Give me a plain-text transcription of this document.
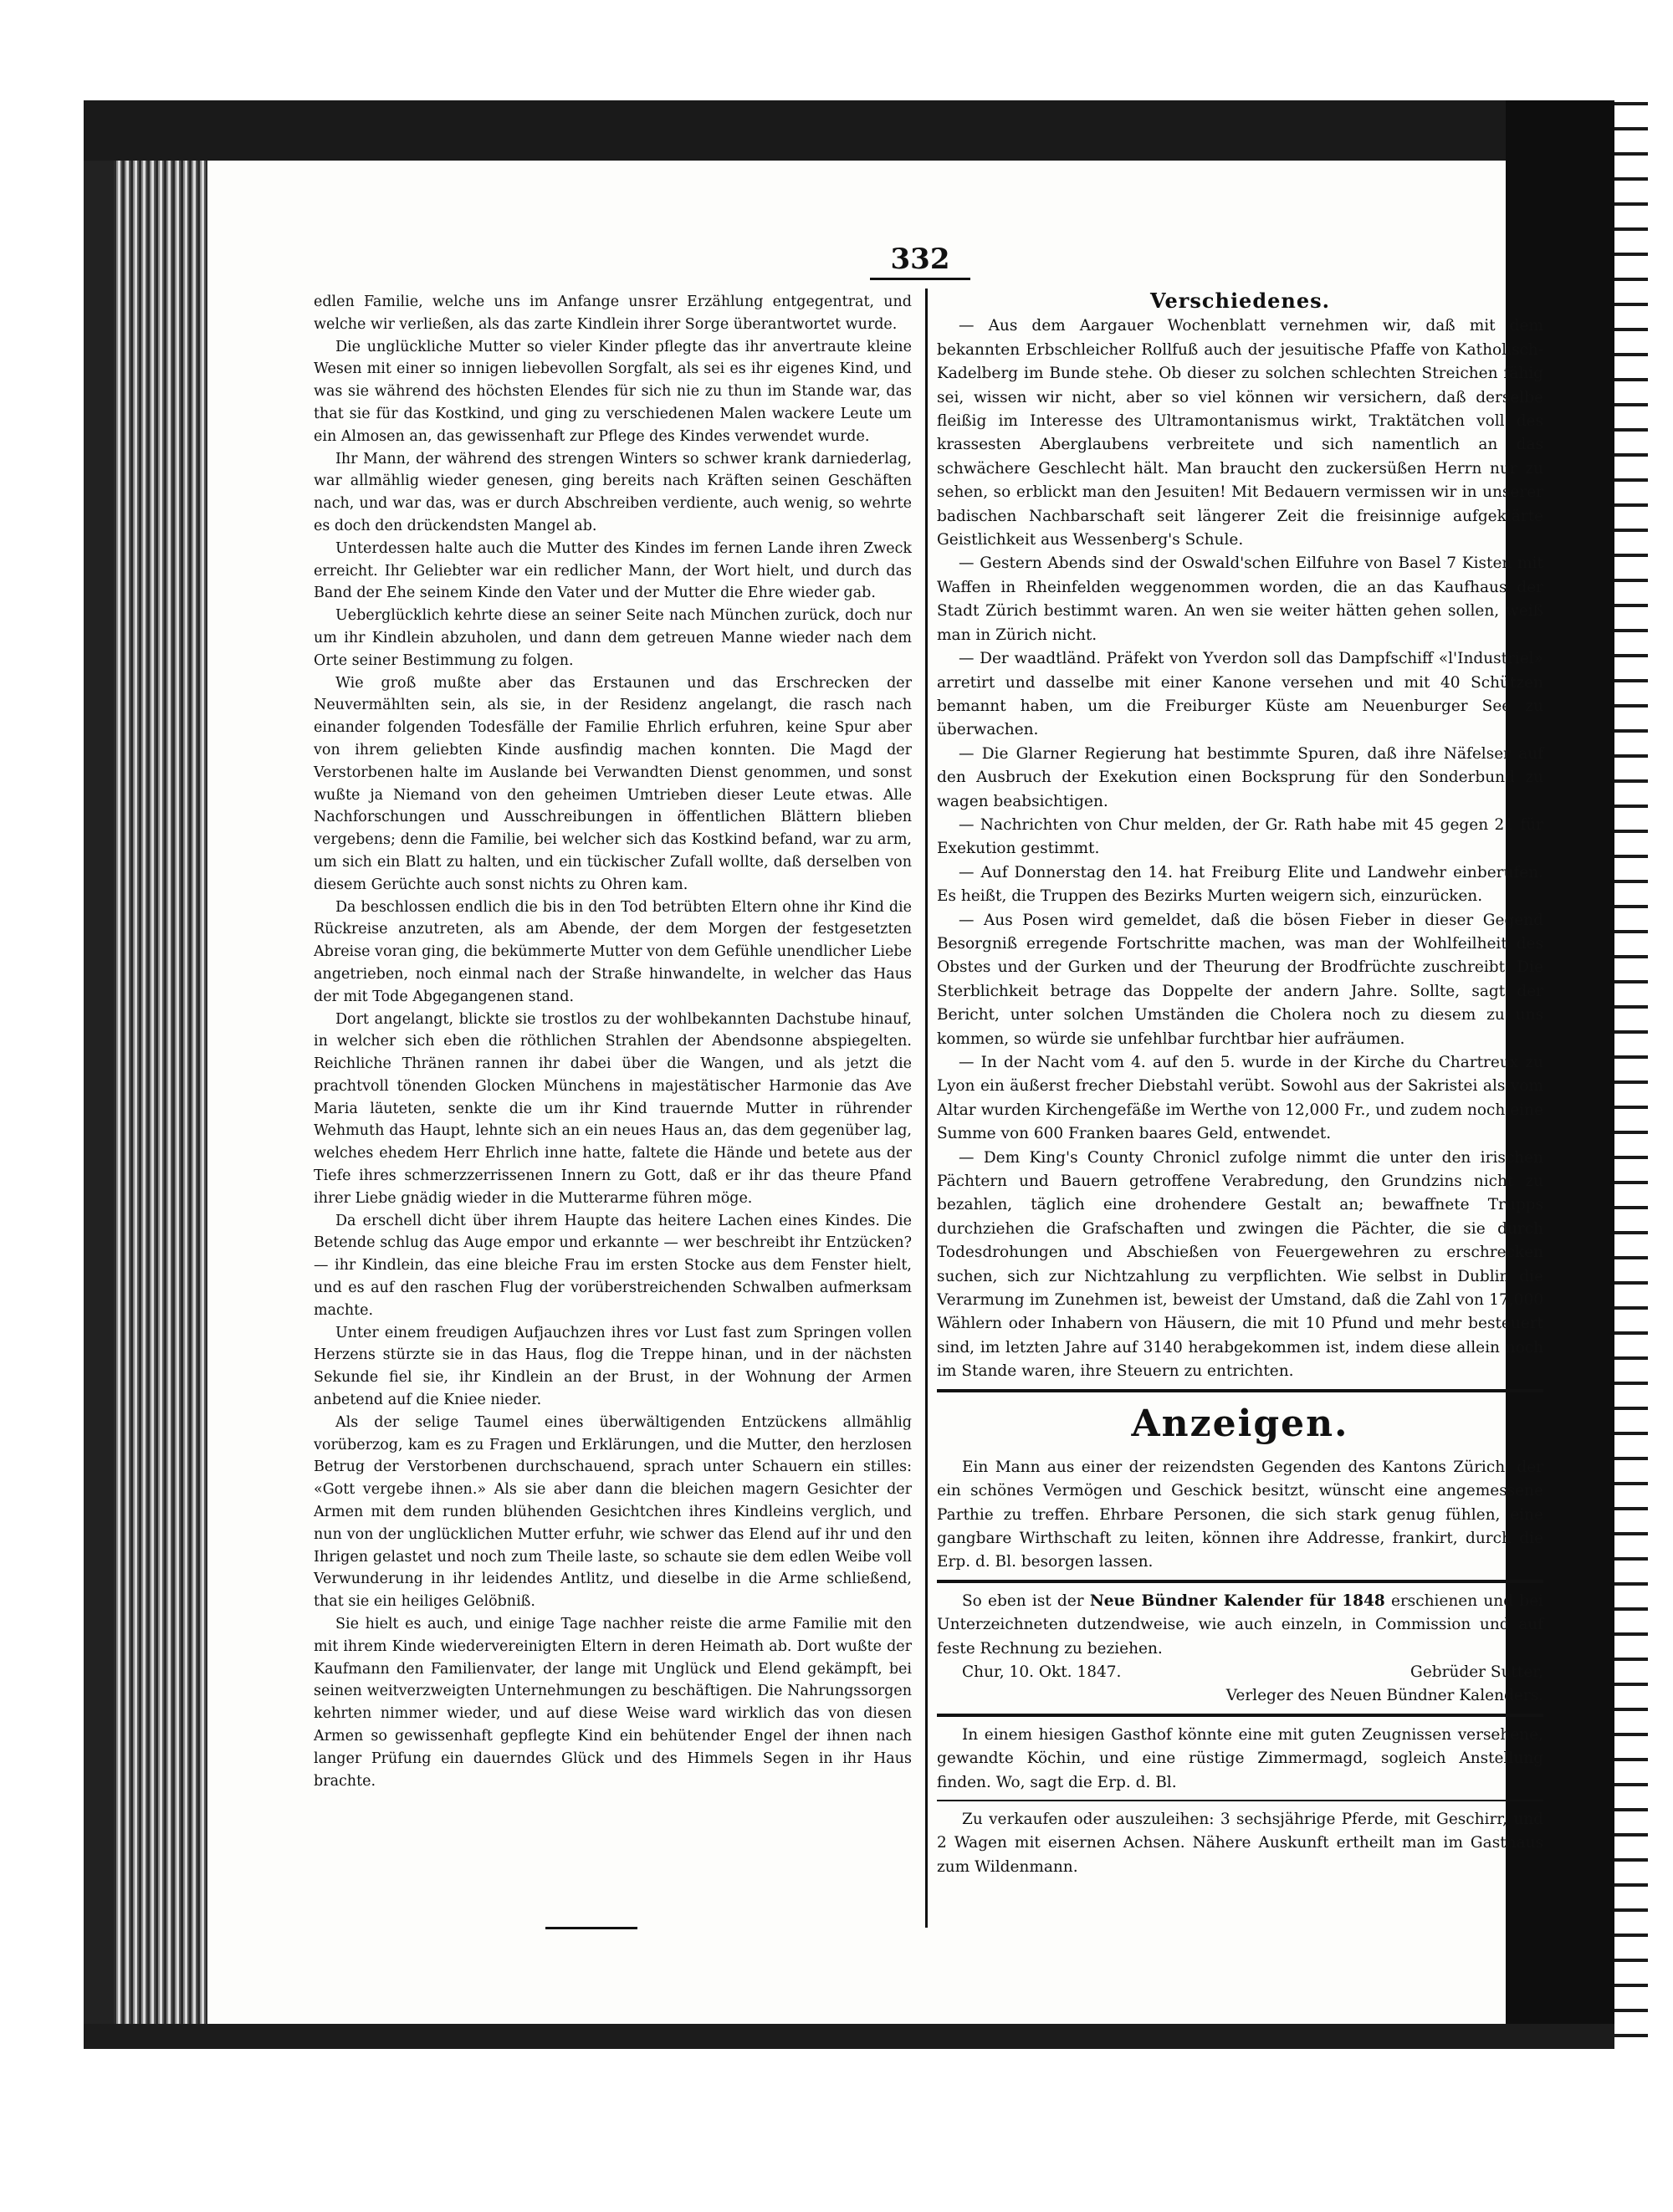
332

edlen Familie, welche uns im Anfange unsrer Erzählung entgegentrat, und welche wir verließen, als das zarte Kindlein ihrer Sorge überantwortet wurde.

Die unglückliche Mutter so vieler Kinder pflegte das ihr anvertraute kleine Wesen mit einer so innigen liebevollen Sorgfalt, als sei es ihr eigenes Kind, und was sie während des höchsten Elendes für sich nie zu thun im Stande war, das that sie für das Kostkind, und ging zu verschiedenen Malen wackere Leute um ein Almosen an, das gewissenhaft zur Pflege des Kindes verwendet wurde.

Ihr Mann, der während des strengen Winters so schwer krank darniederlag, war allmählig wieder genesen, ging bereits nach Kräften seinen Geschäften nach, und war das, was er durch Abschreiben verdiente, auch wenig, so wehrte es doch den drückendsten Mangel ab.

Unterdessen halte auch die Mutter des Kindes im fernen Lande ihren Zweck erreicht. Ihr Geliebter war ein redlicher Mann, der Wort hielt, und durch das Band der Ehe seinem Kinde den Vater und der Mutter die Ehre wieder gab.

Ueberglücklich kehrte diese an seiner Seite nach München zurück, doch nur um ihr Kindlein abzuholen, und dann dem getreuen Manne wieder nach dem Orte seiner Bestimmung zu folgen.

Wie groß mußte aber das Erstaunen und das Erschrecken der Neuvermählten sein, als sie, in der Residenz angelangt, die rasch nach einander folgenden Todesfälle der Familie Ehrlich erfuhren, keine Spur aber von ihrem geliebten Kinde ausfindig machen konnten. Die Magd der Verstorbenen halte im Auslande bei Verwandten Dienst genommen, und sonst wußte ja Niemand von den geheimen Umtrieben dieser Leute etwas. Alle Nachforschungen und Ausschreibungen in öffentlichen Blättern blieben vergebens; denn die Familie, bei welcher sich das Kostkind befand, war zu arm, um sich ein Blatt zu halten, und ein tückischer Zufall wollte, daß derselben von diesem Gerüchte auch sonst nichts zu Ohren kam.

Da beschlossen endlich die bis in den Tod betrübten Eltern ohne ihr Kind die Rückreise anzutreten, als am Abende, der dem Morgen der festgesetzten Abreise voran ging, die bekümmerte Mutter von dem Gefühle unendlicher Liebe angetrieben, noch einmal nach der Straße hinwandelte, in welcher das Haus der mit Tode Abgegangenen stand.

Dort angelangt, blickte sie trostlos zu der wohlbekannten Dachstube hinauf, in welcher sich eben die röthlichen Strahlen der Abendsonne abspiegelten. Reichliche Thränen rannen ihr dabei über die Wangen, und als jetzt die prachtvoll tönenden Glocken Münchens in majestätischer Harmonie das Ave Maria läuteten, senkte die um ihr Kind trauernde Mutter in rührender Wehmuth das Haupt, lehnte sich an ein neues Haus an, das dem gegenüber lag, welches ehedem Herr Ehrlich inne hatte, faltete die Hände und betete aus der Tiefe ihres schmerzzerrissenen Innern zu Gott, daß er ihr das theure Pfand ihrer Liebe gnädig wieder in die Mutterarme führen möge.

Da erschell dicht über ihrem Haupte das heitere Lachen eines Kindes. Die Betende schlug das Auge empor und erkannte — wer beschreibt ihr Entzücken? — ihr Kindlein, das eine bleiche Frau im ersten Stocke aus dem Fenster hielt, und es auf den raschen Flug der vorüberstreichenden Schwalben aufmerksam machte.

Unter einem freudigen Aufjauchzen ihres vor Lust fast zum Springen vollen Herzens stürzte sie in das Haus, flog die Treppe hinan, und in der nächsten Sekunde fiel sie, ihr Kindlein an der Brust, in der Wohnung der Armen anbetend auf die Kniee nieder.

Als der selige Taumel eines überwältigenden Entzückens allmählig vorüberzog, kam es zu Fragen und Erklärungen, und die Mutter, den herzlosen Betrug der Verstorbenen durchschauend, sprach unter Schauern ein stilles: «Gott vergebe ihnen.» Als sie aber dann die bleichen magern Gesichter der Armen mit dem runden blühenden Gesichtchen ihres Kindleins verglich, und nun von der unglücklichen Mutter erfuhr, wie schwer das Elend auf ihr und den Ihrigen gelastet und noch zum Theile laste, so schaute sie dem edlen Weibe voll Verwunderung in ihr leidendes Antlitz, und dieselbe in die Arme schließend, that sie ein heiliges Gelöbniß.

Sie hielt es auch, und einige Tage nachher reiste die arme Familie mit den mit ihrem Kinde wiedervereinigten Eltern in deren Heimath ab. Dort wußte der Kaufmann den Familienvater, der lange mit Unglück und Elend gekämpft, bei seinen weitverzweigten Unternehmungen zu beschäftigen. Die Nahrungssorgen kehrten nimmer wieder, und auf diese Weise ward wirklich das von diesen Armen so gewissenhaft gepflegte Kind ein behütender Engel der ihnen nach langer Prüfung ein dauerndes Glück und des Himmels Segen in ihr Haus brachte.

Verschiedenes.

— Aus dem Aargauer Wochenblatt vernehmen wir, daß mit dem bekannten Erbschleicher Rollfuß auch der jesuitische Pfaffe von Katholisch-Kadelberg im Bunde stehe. Ob dieser zu solchen schlechten Streichen fähig sei, wissen wir nicht, aber so viel können wir versichern, daß derselbe fleißig im Interesse des Ultramontanismus wirkt, Traktätchen voll des krassesten Aberglaubens verbreitete und sich namentlich an das schwächere Geschlecht hält. Man braucht den zuckersüßen Herrn nur zu sehen, so erblickt man den Jesuiten! Mit Bedauern vermissen wir in unserer badischen Nachbarschaft seit längerer Zeit die freisinnige aufgeklärte Geistlichkeit aus Wessenberg's Schule.

— Gestern Abends sind der Oswald'schen Eilfuhre von Basel 7 Kisten mit Waffen in Rheinfelden weggenommen worden, die an das Kaufhaus der Stadt Zürich bestimmt waren. An wen sie weiter hätten gehen sollen, weiß man in Zürich nicht.

— Der waadtländ. Präfekt von Yverdon soll das Dampfschiff «l'Industriel» arretirt und dasselbe mit einer Kanone versehen und mit 40 Schützen bemannt haben, um die Freiburger Küste am Neuenburger See zu überwachen.

— Die Glarner Regierung hat bestimmte Spuren, daß ihre Näfelser auf den Ausbruch der Exekution einen Bocksprung für den Sonderbund zu wagen beabsichtigen.

— Nachrichten von Chur melden, der Gr. Rath habe mit 45 gegen 21 für Exekution gestimmt.

— Auf Donnerstag den 14. hat Freiburg Elite und Landwehr einberufen. Es heißt, die Truppen des Bezirks Murten weigern sich, einzurücken.

— Aus Posen wird gemeldet, daß die bösen Fieber in dieser Gegend Besorgniß erregende Fortschritte machen, was man der Wohlfeilheit des Obstes und der Gurken und der Theurung der Brodfrüchte zuschreibt. Die Sterblichkeit betrage das Doppelte der andern Jahre. Sollte, sagt der Bericht, unter solchen Umständen die Cholera noch zu diesem zu uns kommen, so würde sie unfehlbar furchtbar hier aufräumen.

— In der Nacht vom 4. auf den 5. wurde in der Kirche du Chartreux zu Lyon ein äußerst frecher Diebstahl verübt. Sowohl aus der Sakristei als vom Altar wurden Kirchengefäße im Werthe von 12,000 Fr., und zudem noch eine Summe von 600 Franken baares Geld, entwendet.

— Dem King's County Chronicl zufolge nimmt die unter den irischen Pächtern und Bauern getroffene Verabredung, den Grundzins nicht zu bezahlen, täglich eine drohendere Gestalt an; bewaffnete Trupps durchziehen die Grafschaften und zwingen die Pächter, die sie durch Todesdrohungen und Abschießen von Feuergewehren zu erschrecken suchen, sich zur Nichtzahlung zu verpflichten. Wie selbst in Dublin die Verarmung im Zunehmen ist, beweist der Umstand, daß die Zahl von 17,000 Wählern oder Inhabern von Häusern, die mit 10 Pfund und mehr besteuert sind, im letzten Jahre auf 3140 herabgekommen ist, indem diese allein noch im Stande waren, ihre Steuern zu entrichten.

Anzeigen.

Ein Mann aus einer der reizendsten Gegenden des Kantons Zürich, der ein schönes Vermögen und Geschick besitzt, wünscht eine angemessene Parthie zu treffen. Ehrbare Personen, die sich stark genug fühlen, eine gangbare Wirthschaft zu leiten, können ihre Addresse, frankirt, durch die Erp. d. Bl. besorgen lassen.

So eben ist der Neue Bündner Kalender für 1848 erschienen und bei Unterzeichneten dutzendweise, wie auch einzeln, in Commission und auf feste Rechnung zu beziehen.

Chur, 10. Okt. 1847.	Gebrüder Sutter,
Verleger des Neuen Bündner Kalenders.

In einem hiesigen Gasthof könnte eine mit guten Zeugnissen versehene, gewandte Köchin, und eine rüstige Zimmermagd, sogleich Anstellung finden. Wo, sagt die Erp. d. Bl.

Zu verkaufen oder auszuleihen: 3 sechsjährige Pferde, mit Geschirr, und 2 Wagen mit eisernen Achsen. Nähere Auskunft ertheilt man im Gasthaus zum Wildenmann.
